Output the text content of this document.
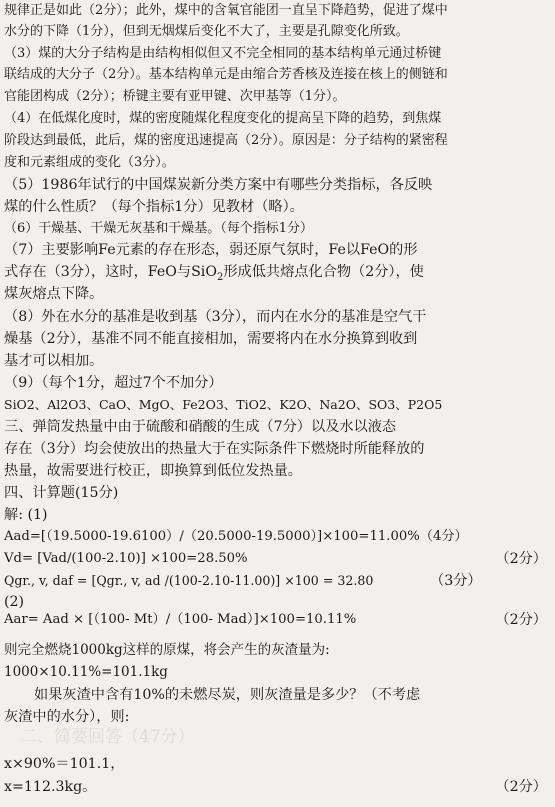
二、简要回答（47分）
规律正是如此（2分）；此外，煤中的含氧官能团一直呈下降趋势，促进了煤中
水分的下降（1分），但到无烟煤后变化不大了，主要是孔隙变化所致。
（3）煤的大分子结构是由结构相似但又不完全相同的基本结构单元通过桥键
联结成的大分子（2分）。基本结构单元是由缩合芳香核及连接在核上的侧链和
官能团构成（2分）；桥键主要有亚甲键、次甲基等（1分）。
（4）在低煤化度时，煤的密度随煤化程度变化的提高呈下降的趋势，到焦煤
阶段达到最低，此后，煤的密度迅速提高（2分）。原因是：分子结构的紧密程
度和元素组成的变化（3分）。
（5）1986年试行的中国煤炭新分类方案中有哪些分类指标，各反映
煤的什么性质？（每个指标1分）见教材（略）。
（6）干燥基、干燥无灰基和干燥基。（每个指标1分）
（7）主要影响Fe元素的存在形态，弱还原气氛时，Fe以FeO的形
式存在（3分），这时，FeO与SiO$_2$形成低共熔点化合物（2分），使
煤灰熔点下降。
（8）外在水分的基准是收到基（3分），而内在水分的基准是空气干
燥基（2分），基准不同不能直接相加，需要将内在水分换算到收到
基才可以相加。
（9）（每个1分，超过7个不加分）
SiO2、Al2O3、CaO、MgO、Fe2O3、TiO2、K2O、Na2O、SO3、P2O5
三、弹筒发热量中由于硫酸和硝酸的生成（7分）以及水以液态
存在（3分）均会使放出的热量大于在实际条件下燃烧时所能释放的
热量，故需要进行校正，即换算到低位发热量。
四、计算题(15分)
解: (1)
Aad=[（19.5000-19.6100）/（20.5000-19.5000）]×100=11.00%（4分）
Vd= [Vad/(100-2.10)] ×100=28.50%	（2分）
Qgr., v, daf = [Qgr., v, ad /(100-2.10-11.00)] ×100 = 32.80	（3分）
(2)
Aar= Aad × [（100- Mt）/（100- Mad）]×100=10.11%	（2分）
则完全燃烧1000kg这样的原煤，将会产生的灰渣量为:
1000×10.11%=101.1kg
如果灰渣中含有10%的未燃尽炭，则灰渣量是多少？（不考虑
灰渣中的水分），则:
x×90%＝101.1，
x=112.3kg。	（2分）
